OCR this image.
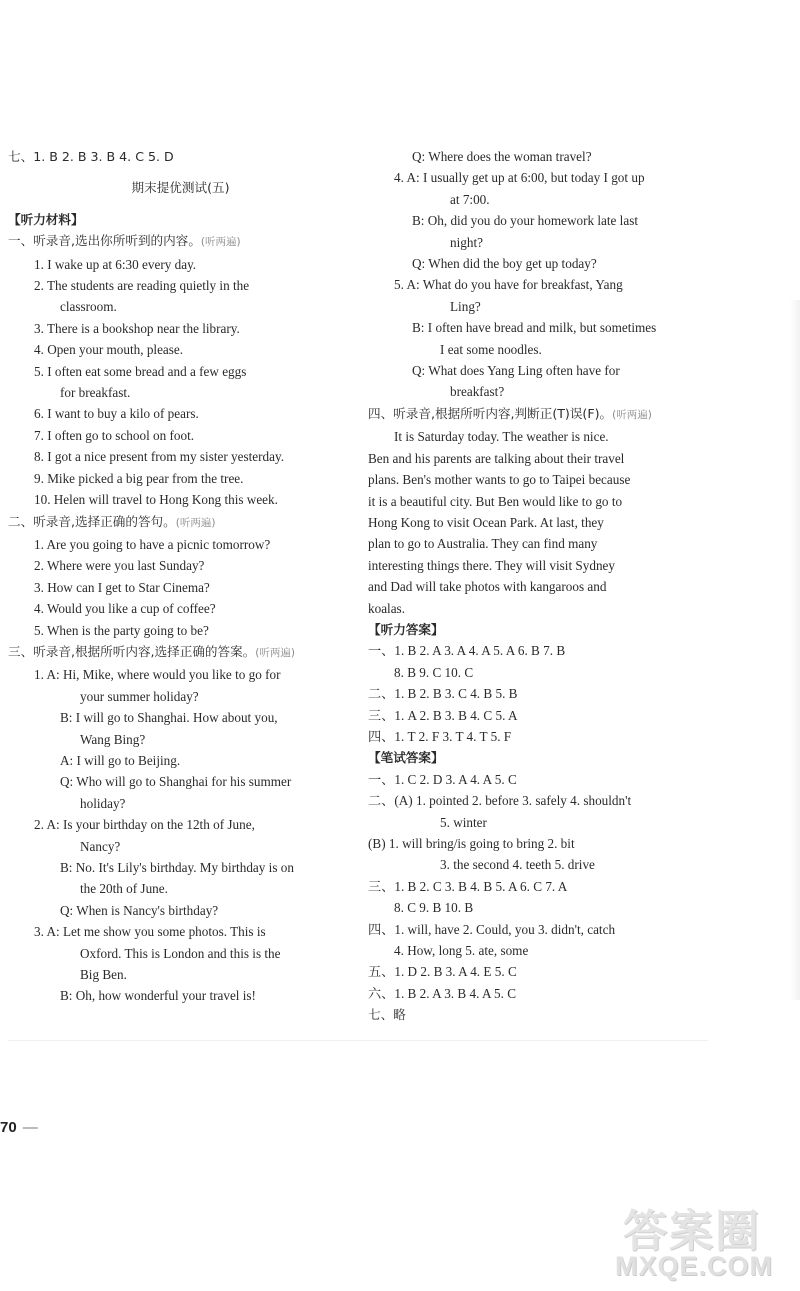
七、1. B 2. B 3. B 4. C 5. D
期末提优测试(五)
【听力材料】
一、听录音,选出你所听到的内容。(听两遍)
1. I wake up at 6:30 every day.
2. The students are reading quietly in the
classroom.
3. There is a bookshop near the library.
4. Open your mouth, please.
5. I often eat some bread and a few eggs
for breakfast.
6. I want to buy a kilo of pears.
7. I often go to school on foot.
8. I got a nice present from my sister yesterday.
9. Mike picked a big pear from the tree.
10. Helen will travel to Hong Kong this week.
二、听录音,选择正确的答句。(听两遍)
1. Are you going to have a picnic tomorrow?
2. Where were you last Sunday?
3. How can I get to Star Cinema?
4. Would you like a cup of coffee?
5. When is the party going to be?
三、听录音,根据所听内容,选择正确的答案。(听两遍)
1. A: Hi, Mike, where would you like to go for
your summer holiday?
B: I will go to Shanghai. How about you,
Wang Bing?
A: I will go to Beijing.
Q: Who will go to Shanghai for his summer
holiday?
2. A: Is your birthday on the 12th of June,
Nancy?
B: No. It's Lily's birthday. My birthday is on
the 20th of June.
Q: When is Nancy's birthday?
3. A: Let me show you some photos. This is
Oxford. This is London and this is the
Big Ben.
B: Oh, how wonderful your travel is!
Q: Where does the woman travel?
4. A: I usually get up at 6:00, but today I got up
at 7:00.
B: Oh, did you do your homework late last
night?
Q: When did the boy get up today?
5. A: What do you have for breakfast, Yang
Ling?
B: I often have bread and milk, but sometimes
I eat some noodles.
Q: What does Yang Ling often have for
breakfast?
四、听录音,根据所听内容,判断正(T)误(F)。(听两遍)
It is Saturday today. The weather is nice.
Ben and his parents are talking about their travel
plans. Ben's mother wants to go to Taipei because
it is a beautiful city. But Ben would like to go to
Hong Kong to visit Ocean Park. At last, they
plan to go to Australia. They can find many
interesting things there. They will visit Sydney
and Dad will take photos with kangaroos and
koalas.
【听力答案】
一、1. B 2. A 3. A 4. A 5. A 6. B 7. B
8. B 9. C 10. C
二、1. B 2. B 3. C 4. B 5. B
三、1. A 2. B 3. B 4. C 5. A
四、1. T 2. F 3. T 4. T 5. F
【笔试答案】
一、1. C 2. D 3. A 4. A 5. C
二、(A) 1. pointed 2. before 3. safely 4. shouldn't
5. winter
(B) 1. will bring/is going to bring 2. bit
3. the second 4. teeth 5. drive
三、1. B 2. C 3. B 4. B 5. A 6. C 7. A
8. C 9. B 10. B
四、1. will, have 2. Could, you 3. didn't, catch
4. How, long 5. ate, some
五、1. D 2. B 3. A 4. E 5. C
六、1. B 2. A 3. B 4. A 5. C
七、略
70 —
答案圈
MXQE.COM
